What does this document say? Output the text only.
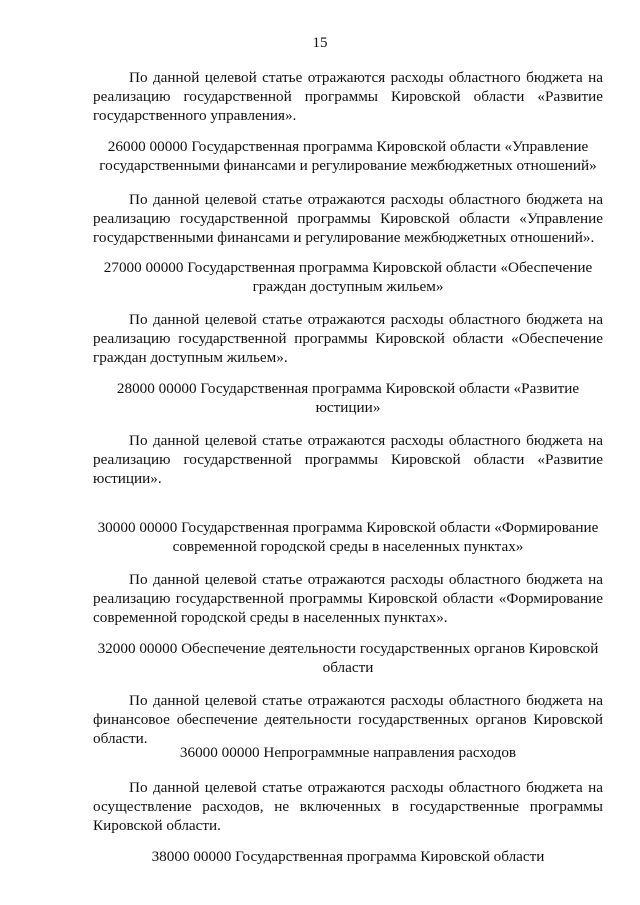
15
По данной целевой статье отражаются расходы областного бюджета на
реализацию государственной программы Кировской области «Развитие
государственного управления».
26000 00000 Государственная программа Кировской области «Управление
государственными финансами и регулирование межбюджетных отношений»
По данной целевой статье отражаются расходы областного бюджета на
реализацию государственной программы Кировской области «Управление
государственными финансами и регулирование межбюджетных отношений».
27000 00000 Государственная программа Кировской области «Обеспечение
граждан доступным жильем»
По данной целевой статье отражаются расходы областного бюджета на
реализацию государственной программы Кировской области «Обеспечение
граждан доступным жильем».
28000 00000 Государственная программа Кировской области «Развитие
юстиции»
По данной целевой статье отражаются расходы областного бюджета на
реализацию государственной программы Кировской области «Развитие
юстиции».
30000 00000 Государственная программа Кировской области «Формирование
современной городской среды в населенных пунктах»
По данной целевой статье отражаются расходы областного бюджета на
реализацию государственной программы Кировской области «Формирование
современной городской среды в населенных пунктах».
32000 00000 Обеспечение деятельности государственных органов Кировской
области
По данной целевой статье отражаются расходы областного бюджета на
финансовое обеспечение деятельности государственных органов Кировской
области.
36000 00000 Непрограммные направления расходов
По данной целевой статье отражаются расходы областного бюджета на
осуществление расходов, не включенных в государственные программы
Кировской области.
38000 00000 Государственная программа Кировской области
